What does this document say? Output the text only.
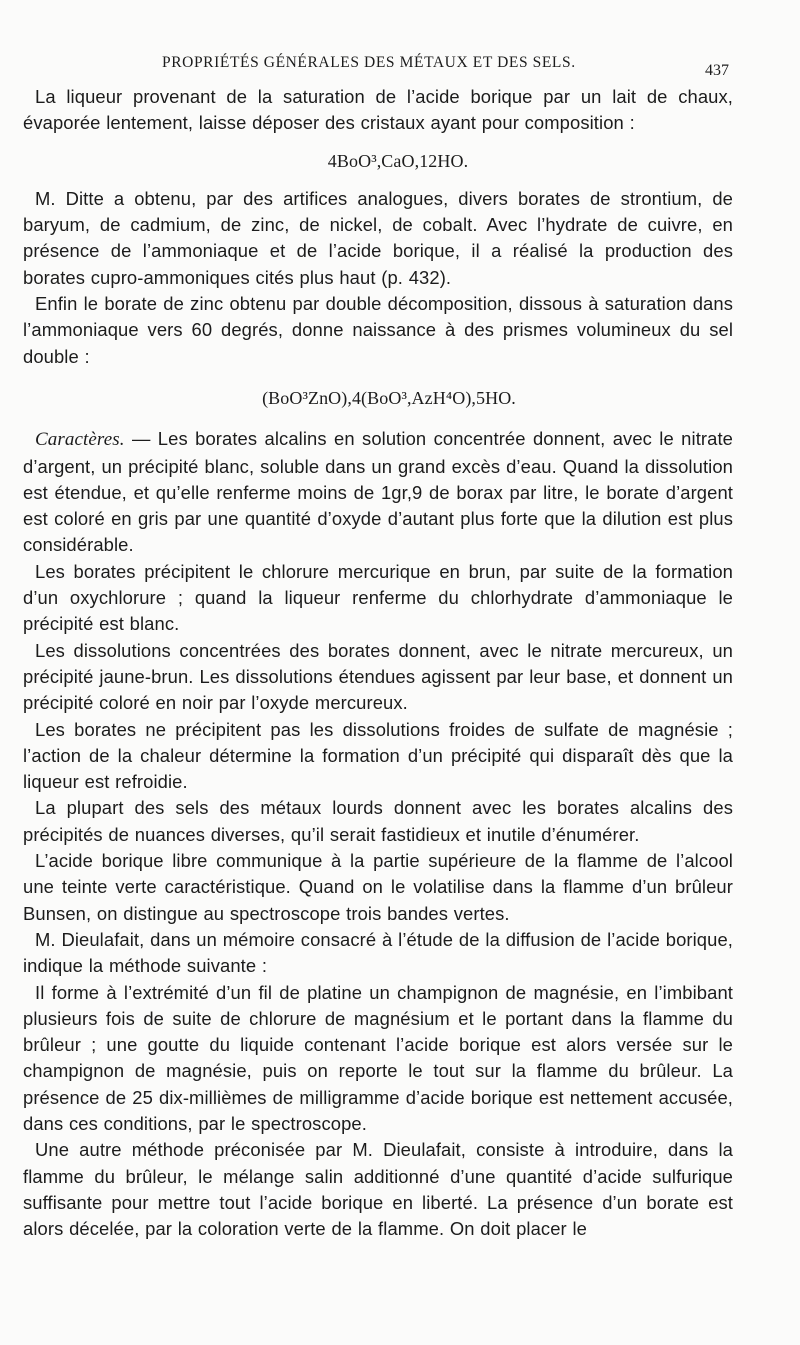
PROPRIÉTÉS GÉNÉRALES DES MÉTAUX ET DES SELS.	437

La liqueur provenant de la saturation de l’acide borique par un lait de chaux, évaporée lentement, laisse déposer des cristaux ayant pour composition :

4BoO³,CaO,12HO.

M. Ditte a obtenu, par des artifices analogues, divers borates de strontium, de baryum, de cadmium, de zinc, de nickel, de cobalt. Avec l’hydrate de cuivre, en présence de l’ammoniaque et de l’acide borique, il a réalisé la production des borates cupro-ammoniques cités plus haut (p. 432).

Enfin le borate de zinc obtenu par double décomposition, dissous à saturation dans l’ammoniaque vers 60 degrés, donne naissance à des prismes volumineux du sel double :

(BoO³ZnO),4(BoO³,AzH⁴O),5HO.

Caractères. — Les borates alcalins en solution concentrée donnent, avec le nitrate d’argent, un précipité blanc, soluble dans un grand excès d’eau. Quand la dissolution est étendue, et qu’elle renferme moins de 1gr,9 de borax par litre, le borate d’argent est coloré en gris par une quantité d’oxyde d’autant plus forte que la dilution est plus considérable.

Les borates précipitent le chlorure mercurique en brun, par suite de la formation d’un oxychlorure ; quand la liqueur renferme du chlorhydrate d’ammoniaque le précipité est blanc.

Les dissolutions concentrées des borates donnent, avec le nitrate mercureux, un précipité jaune-brun. Les dissolutions étendues agissent par leur base, et donnent un précipité coloré en noir par l’oxyde mercureux.

Les borates ne précipitent pas les dissolutions froides de sulfate de magnésie ; l’action de la chaleur détermine la formation d’un précipité qui disparaît dès que la liqueur est refroidie.

La plupart des sels des métaux lourds donnent avec les borates alcalins des précipités de nuances diverses, qu’il serait fastidieux et inutile d’énumérer.

L’acide borique libre communique à la partie supérieure de la flamme de l’alcool une teinte verte caractéristique. Quand on le volatilise dans la flamme d’un brûleur Bunsen, on distingue au spectroscope trois bandes vertes.

M. Dieulafait, dans un mémoire consacré à l’étude de la diffusion de l’acide borique, indique la méthode suivante :

Il forme à l’extrémité d’un fil de platine un champignon de magnésie, en l’imbibant plusieurs fois de suite de chlorure de magnésium et le portant dans la flamme du brûleur ; une goutte du liquide contenant l’acide borique est alors versée sur le champignon de magnésie, puis on reporte le tout sur la flamme du brûleur. La présence de 25 dix-millièmes de milligramme d’acide borique est nettement accusée, dans ces conditions, par le spectroscope.

Une autre méthode préconisée par M. Dieulafait, consiste à introduire, dans la flamme du brûleur, le mélange salin additionné d’une quantité d’acide sulfurique suffisante pour mettre tout l’acide borique en liberté. La présence d’un borate est alors décelée, par la coloration verte de la flamme. On doit placer le
